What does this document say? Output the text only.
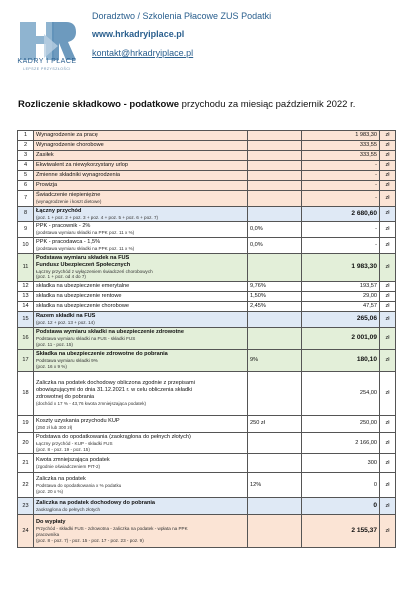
KADRY I PŁACE
LEPSZE PRZYSZŁOŚCI
Doradztwo / Szkolenia Płacowe ZUS Podatki
www.hrkadryiplace.pl
kontakt@hrkadryiplace.pl
Rozliczenie składkowo - podatkowe przychodu za miesiąc październik 2022 r.
1	Wynagrodzenie za pracę		1 983,30	zł
2	Wynagrodzenie chorobowe		333,55	zł
3	Zasiłek		333,55	zł
4	Ekwiwalent za niewykorzystany urlop		-	zł
5	Zmienne składniki wynagrodzenia		-	zł
6	Prowizja		-	zł
7	Świadczenie niepieniężne
(wynagrodzenie i koszt dietowe)		-	zł
8	Łączny przychód
(poz. 1 + poz. 2 + poz. 3 + poz. 4 + poz. 5 + poz. 6 + poz. 7)		2 680,60	zł
9	PPK - pracownik - 2%
(podstawa wymiaru składki na PPK poz. 11 x %)	0,0%	-	zł
10	PPK - pracodawca - 1,5%
(podstawa wymiaru składki na PPK poz. 11 x %)	0,0%	-	zł
11	Podstawa wymiaru składek na FUS
Fundusz Ubezpieczeń Społecznych
Łączny przychód z wyłączeniem świadczeń chorobowych
(poz. 1 + poz. od 4 do 7)		1 983,30	zł
12	składka na ubezpieczenie emerytalne	9,76%	193,57	zł
13	składka na ubezpieczenie rentowe	1,50%	29,00	zł
14	składka na ubezpieczenie chorobowe	2,45%	47,57	zł
15	Razem składki na FUS
(poz. 12 + poz. 13 + poz. 14)		265,06	zł
16	Podstawa wymiaru składki na ubezpieczenie zdrowotne
Podstawa wymiaru składki na FUS - składki FUS
(poz. 11 - poz. 15)		2 001,09	zł
17	Składka na ubezpieczenie zdrowotne do pobrania
Podstawa wymiaru składki 9%
(poz. 16 x 9 %)	9%	180,10	zł
18	Zaliczka na podatek dochodowy obliczona zgodnie z przepisami
obowiązującymi do dnia 31.12.2021 r. w celu obliczenia składki
zdrowotnej do pobrania
(dochód x 17 % - 43,76 kwota zmniejszająca podatek)		254,00	zł
19	Koszty uzyskania przychodu KUP
(250 zł lub 300 zł)	250 zł	250,00	zł
20	Podstawa do opodatkowania (zaokrąglona do pełnych złotych)
Łączny przychód - KUP - składki FUS
(poz. 8 - poz. 19 - poz. 15)		2 166,00	zł
21	Kwota zmniejszająca podatek
(zgodnie oświadczeniem PIT-2)		300	zł
22	Zaliczka na podatek
Podstawa do opodatkowania x % podatku
(poz. 20 x %)	12%	0	zł
23	Zaliczka na podatek dochodowy do pobrania
zaokrąglona do pełnych złotych		0	zł
24	Do wypłaty
Przychód - składki FUS - zdrowotna - zaliczka na podatek - wpłata na PPK
pracownika
(poz. 8 - poz. 7) - poz. 15 - poz. 17 - poz. 23 - poz. 9)		2 155,37	zł
